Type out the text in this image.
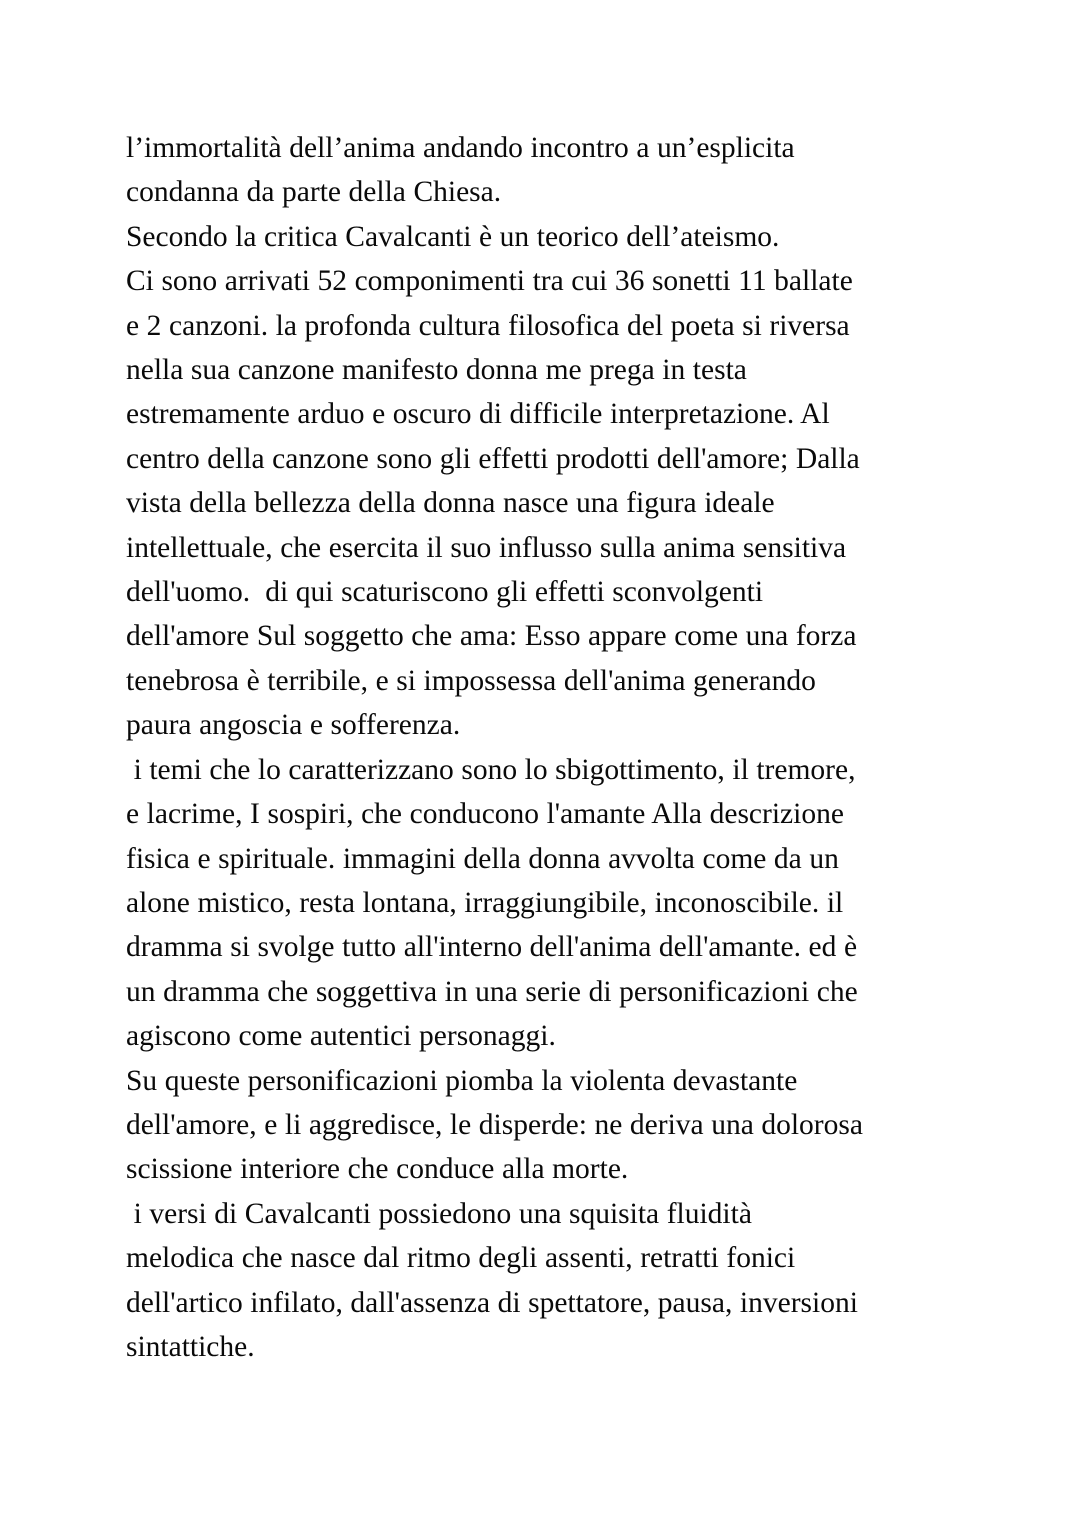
l’immortalità dell’anima andando incontro a un’esplicita
condanna da parte della Chiesa.
Secondo la critica Cavalcanti è un teorico dell’ateismo.
Ci sono arrivati 52 componimenti tra cui 36 sonetti 11 ballate
e 2 canzoni. la profonda cultura filosofica del poeta si riversa
nella sua canzone manifesto donna me prega in testa
estremamente arduo e oscuro di difficile interpretazione. Al
centro della canzone sono gli effetti prodotti dell'amore; Dalla
vista della bellezza della donna nasce una figura ideale
intellettuale, che esercita il suo influsso sulla anima sensitiva
dell'uomo.  di qui scaturiscono gli effetti sconvolgenti
dell'amore Sul soggetto che ama: Esso appare come una forza
tenebrosa è terribile, e si impossessa dell'anima generando
paura angoscia e sofferenza.
i temi che lo caratterizzano sono lo sbigottimento, il tremore,
e lacrime, I sospiri, che conducono l'amante Alla descrizione
fisica e spirituale. immagini della donna avvolta come da un
alone mistico, resta lontana, irraggiungibile, inconoscibile. il
dramma si svolge tutto all'interno dell'anima dell'amante. ed è
un dramma che soggettiva in una serie di personificazioni che
agiscono come autentici personaggi.
Su queste personificazioni piomba la violenta devastante
dell'amore, e li aggredisce, le disperde: ne deriva una dolorosa
scissione interiore che conduce alla morte.
i versi di Cavalcanti possiedono una squisita fluidità
melodica che nasce dal ritmo degli assenti, retratti fonici
dell'artico infilato, dall'assenza di spettatore, pausa, inversioni
sintattiche.
